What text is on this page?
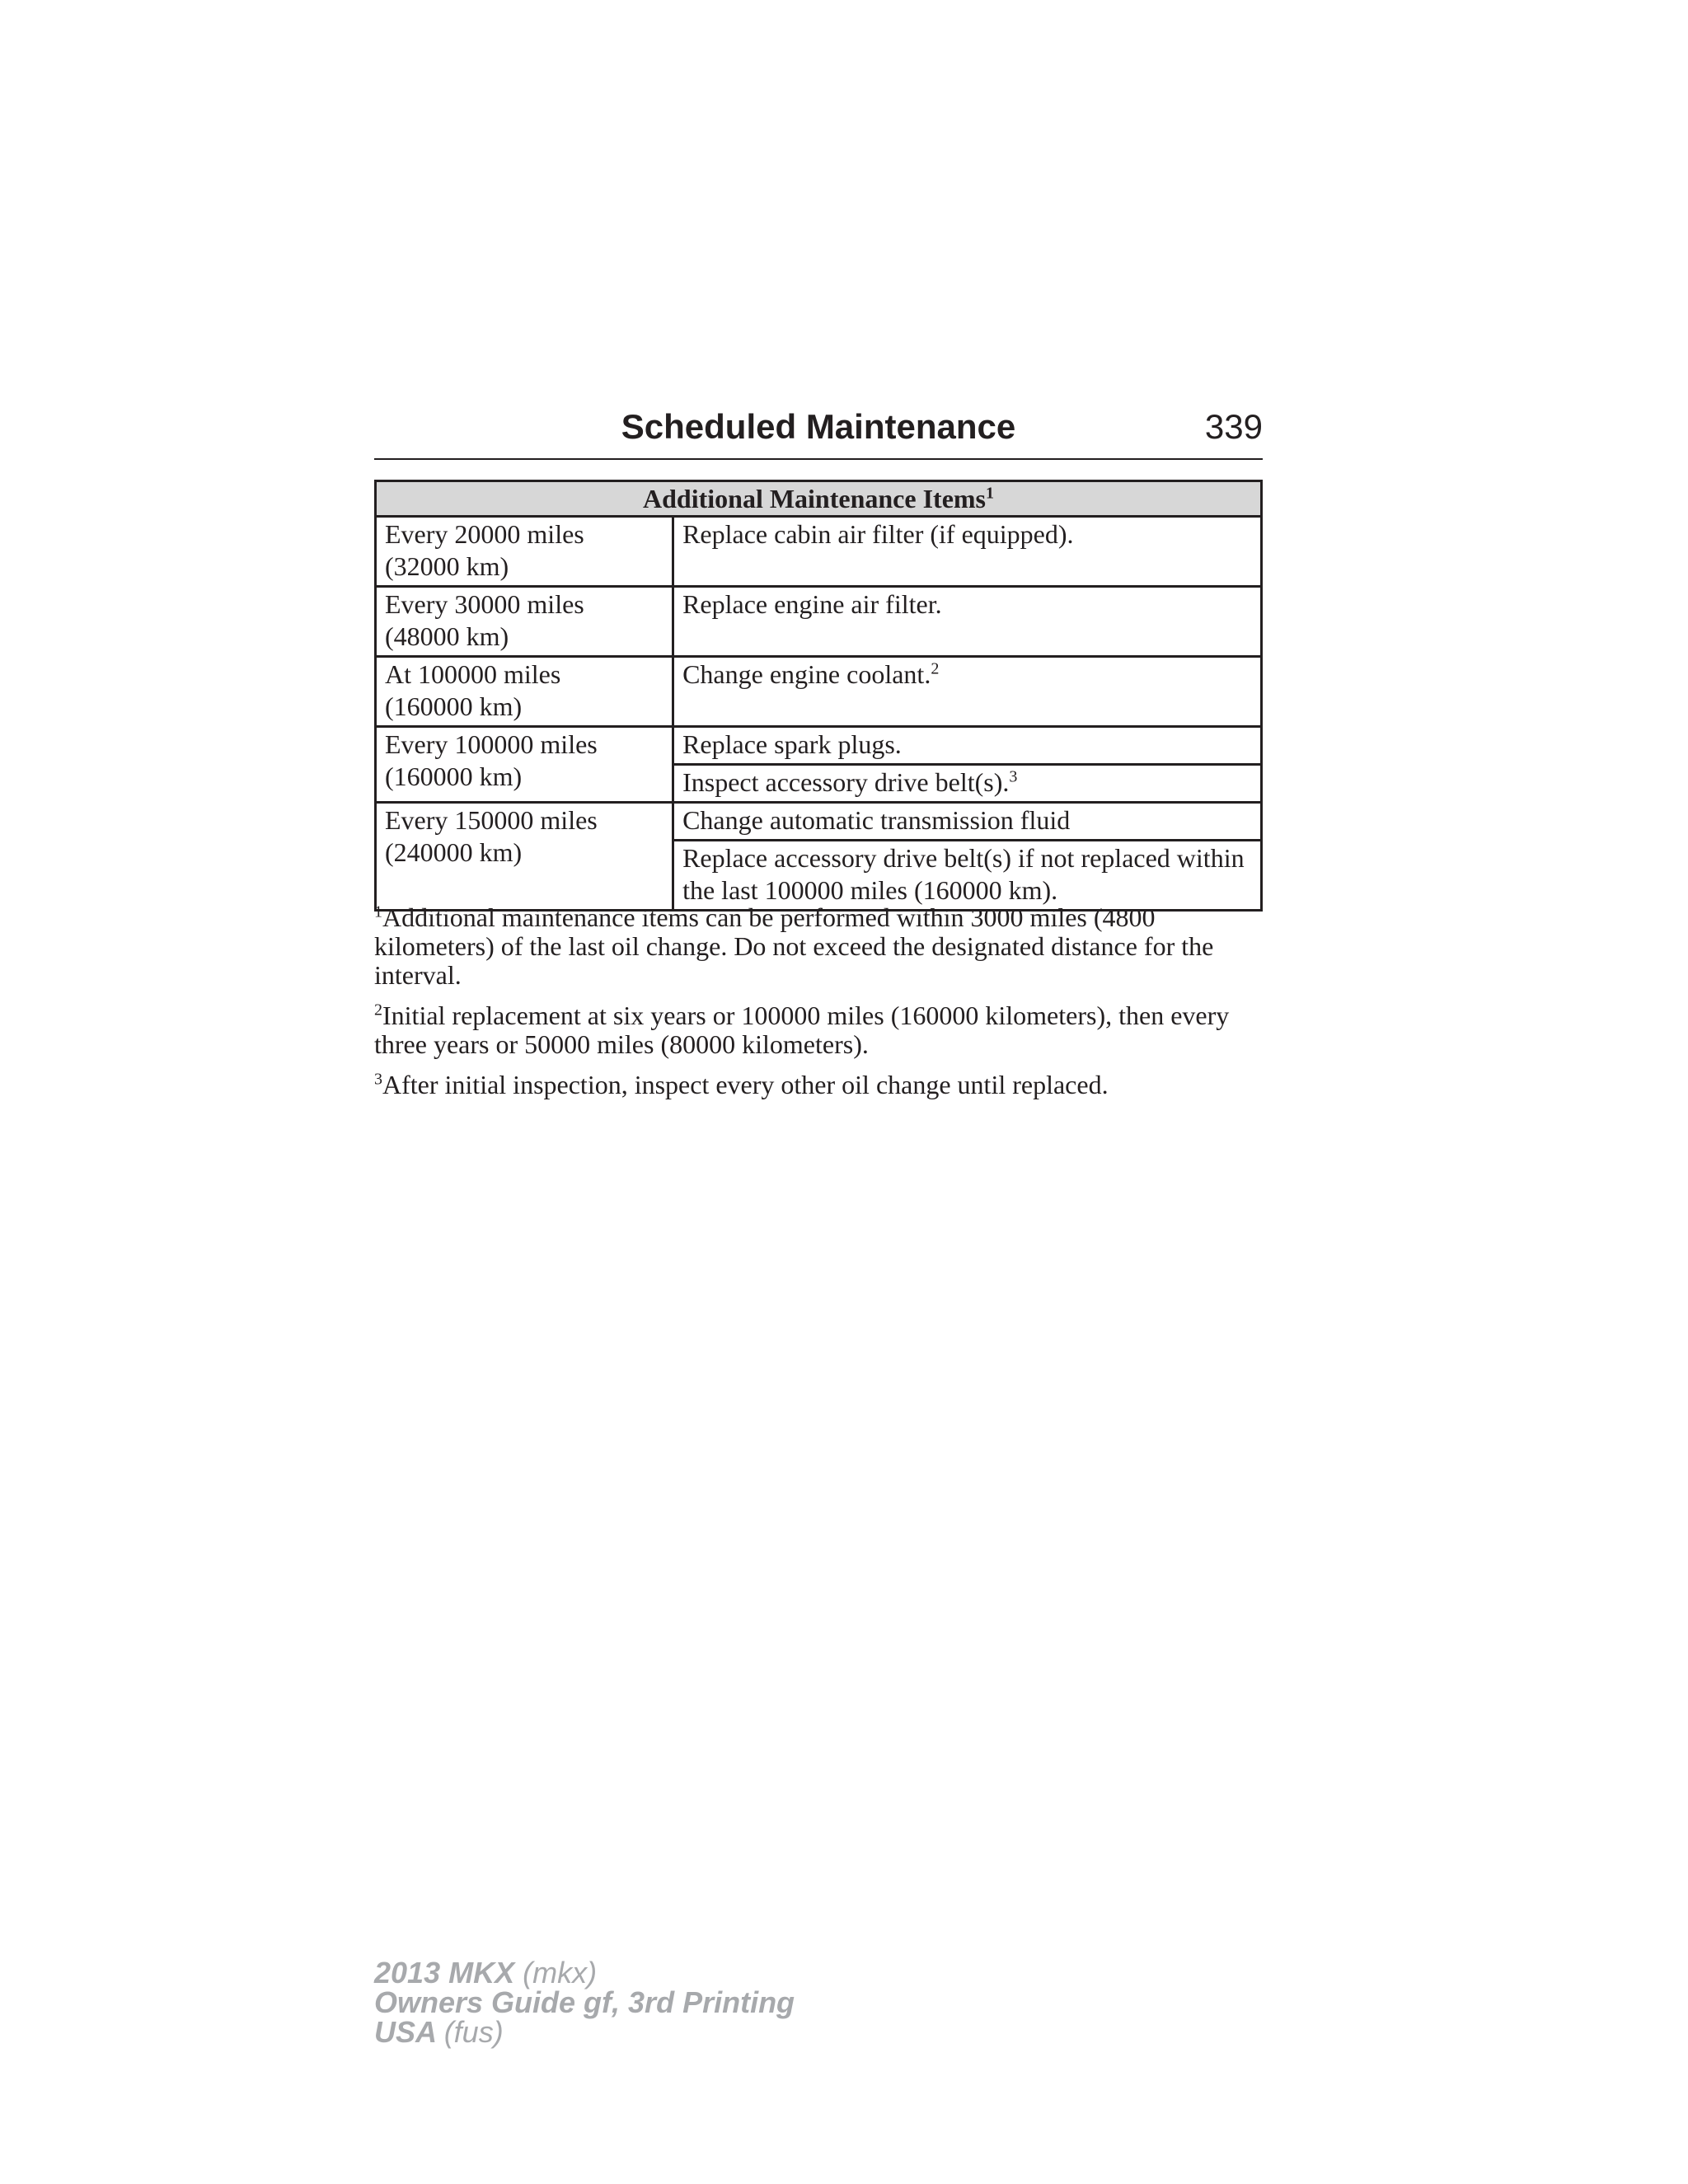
Scheduled Maintenance	339
Additional Maintenance Items$^1$
Every 20000 miles
(32000 km)	Replace cabin air filter (if equipped).
Every 30000 miles
(48000 km)	Replace engine air filter.
At 100000 miles
(160000 km)	Change engine coolant.$^2$
Every 100000 miles
(160000 km)	Replace spark plugs.
	Inspect accessory drive belt(s).$^3$
Every 150000 miles
(240000 km)	Change automatic transmission fluid
	Replace accessory drive belt(s) if not replaced within the last 100000 miles (160000 km).

$^1$Additional maintenance items can be performed within 3000 miles (4800 kilometers) of the last oil change. Do not exceed the designated distance for the interval.

$^2$Initial replacement at six years or 100000 miles (160000 kilometers), then every three years or 50000 miles (80000 kilometers).

$^3$After initial inspection, inspect every other oil change until replaced.

2013 MKX (mkx)
Owners Guide gf, 3rd Printing
USA (fus)
